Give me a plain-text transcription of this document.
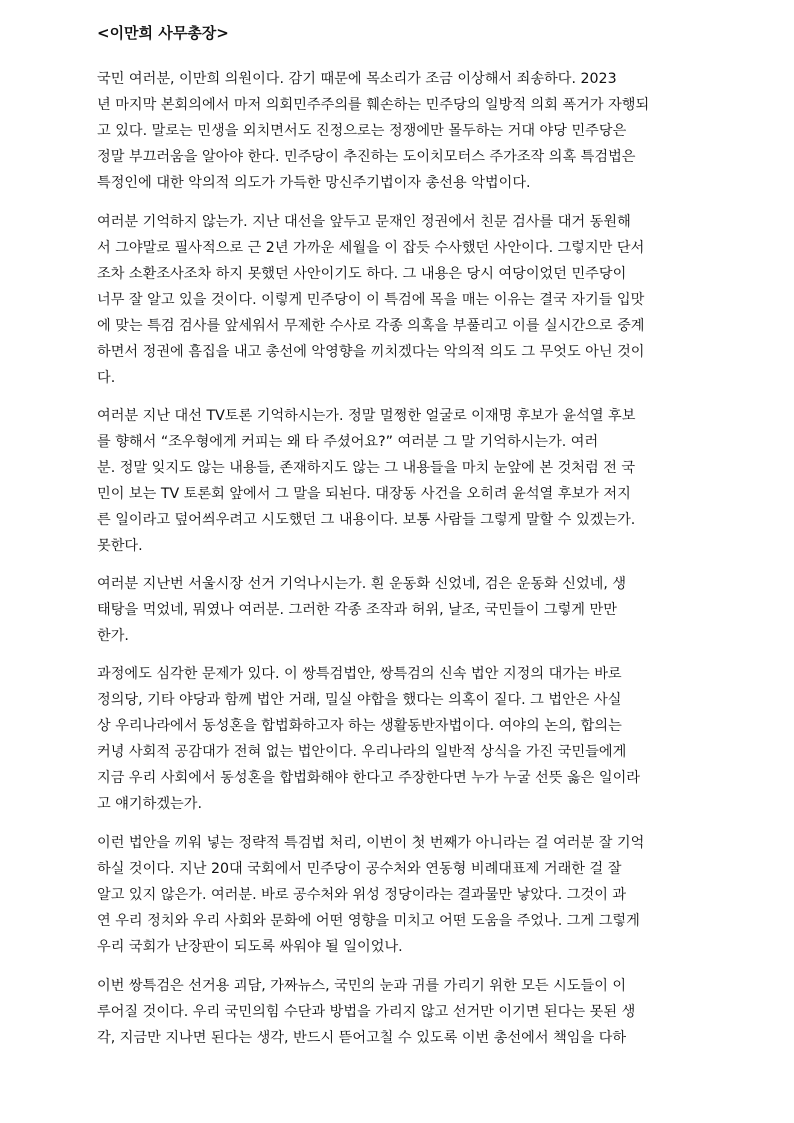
<이만희 사무총장>
국민 여러분, 이만희 의원이다. 감기 때문에 목소리가 조금 이상해서 죄송하다. 2023
년 마지막 본회의에서 마저 의회민주주의를 훼손하는 민주당의 일방적 의회 폭거가 자행되
고 있다. 말로는 민생을 외치면서도 진정으로는 정쟁에만 몰두하는 거대 야당 민주당은
정말 부끄러움을 알아야 한다. 민주당이 추진하는 도이치모터스 주가조작 의혹 특검법은
특정인에 대한 악의적 의도가 가득한 망신주기법이자 총선용 악법이다.
여러분 기억하지 않는가. 지난 대선을 앞두고 문재인 정권에서 친문 검사를 대거 동원해
서 그야말로 필사적으로 근 2년 가까운 세월을 이 잡듯 수사했던 사안이다. 그렇지만 단서
조차 소환조사조차 하지 못했던 사안이기도 하다. 그 내용은 당시 여당이었던 민주당이
너무 잘 알고 있을 것이다. 이렇게 민주당이 이 특검에 목을 매는 이유는 결국 자기들 입맛
에 맞는 특검 검사를 앞세워서 무제한 수사로 각종 의혹을 부풀리고 이를 실시간으로 중계
하면서 정권에 흠집을 내고 총선에 악영향을 끼치겠다는 악의적 의도 그 무엇도 아닌 것이
다.
여러분 지난 대선 TV토론 기억하시는가. 정말 멀쩡한 얼굴로 이재명 후보가 윤석열 후보
를 향해서 “조우형에게 커피는 왜 타 주셨어요?” 여러분 그 말 기억하시는가. 여러
분. 정말 잊지도 않는 내용들, 존재하지도 않는 그 내용들을 마치 눈앞에 본 것처럼 전 국
민이 보는 TV 토론회 앞에서 그 말을 되뇐다. 대장동 사건을 오히려 윤석열 후보가 저지
른 일이라고 덮어씌우려고 시도했던 그 내용이다. 보통 사람들 그렇게 말할 수 있겠는가.
못한다.
여러분 지난번 서울시장 선거 기억나시는가. 흰 운동화 신었네, 검은 운동화 신었네, 생
태탕을 먹었네, 뭐였나 여러분. 그러한 각종 조작과 허위, 날조, 국민들이 그렇게 만만
한가.
과정에도 심각한 문제가 있다. 이 쌍특검법안, 쌍특검의 신속 법안 지정의 대가는 바로
정의당, 기타 야당과 함께 법안 거래, 밀실 야합을 했다는 의혹이 짙다. 그 법안은 사실
상 우리나라에서 동성혼을 합법화하고자 하는 생활동반자법이다. 여야의 논의, 합의는
커녕 사회적 공감대가 전혀 없는 법안이다. 우리나라의 일반적 상식을 가진 국민들에게
지금 우리 사회에서 동성혼을 합법화해야 한다고 주장한다면 누가 누굴 선뜻 옳은 일이라
고 얘기하겠는가.
이런 법안을 끼워 넣는 정략적 특검법 처리, 이번이 첫 번째가 아니라는 걸 여러분 잘 기억
하실 것이다. 지난 20대 국회에서 민주당이 공수처와 연동형 비례대표제 거래한 걸 잘
알고 있지 않은가. 여러분. 바로 공수처와 위성 정당이라는 결과물만 낳았다. 그것이 과
연 우리 정치와 우리 사회와 문화에 어떤 영향을 미치고 어떤 도움을 주었나. 그게 그렇게
우리 국회가 난장판이 되도록 싸워야 될 일이었나.
이번 쌍특검은 선거용 괴담, 가짜뉴스, 국민의 눈과 귀를 가리기 위한 모든 시도들이 이
루어질 것이다. 우리 국민의힘 수단과 방법을 가리지 않고 선거만 이기면 된다는 못된 생
각, 지금만 지나면 된다는 생각, 반드시 뜯어고칠 수 있도록 이번 총선에서 책임을 다하
